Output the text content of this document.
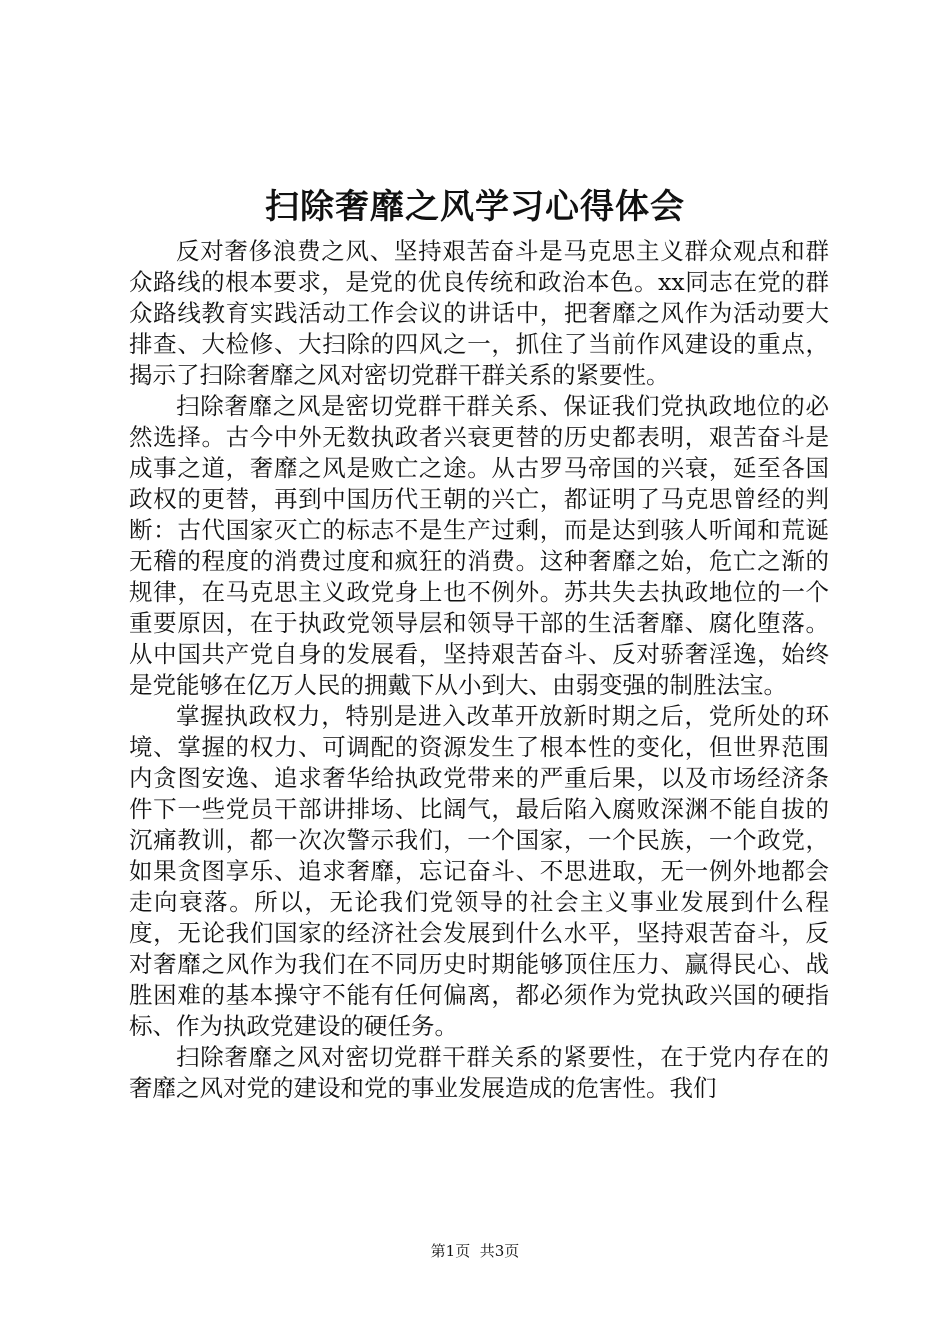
扫除奢靡之风学习心得体会

反对奢侈浪费之风、坚持艰苦奋斗是马克思主义群众观点和群众路线的根本要求，是党的优良传统和政治本色。xx同志在党的群众路线教育实践活动工作会议的讲话中，把奢靡之风作为活动要大排查、大检修、大扫除的四风之一，抓住了当前作风建设的重点，揭示了扫除奢靡之风对密切党群干群关系的紧要性。

扫除奢靡之风是密切党群干群关系、保证我们党执政地位的必然选择。古今中外无数执政者兴衰更替的历史都表明，艰苦奋斗是成事之道，奢靡之风是败亡之途。从古罗马帝国的兴衰，延至各国政权的更替，再到中国历代王朝的兴亡，都证明了马克思曾经的判断：古代国家灭亡的标志不是生产过剩，而是达到骇人听闻和荒诞无稽的程度的消费过度和疯狂的消费。这种奢靡之始，危亡之渐的规律，在马克思主义政党身上也不例外。苏共失去执政地位的一个重要原因，在于执政党领导层和领导干部的生活奢靡、腐化堕落。从中国共产党自身的发展看，坚持艰苦奋斗、反对骄奢淫逸，始终是党能够在亿万人民的拥戴下从小到大、由弱变强的制胜法宝。

掌握执政权力，特别是进入改革开放新时期之后，党所处的环境、掌握的权力、可调配的资源发生了根本性的变化，但世界范围内贪图安逸、追求奢华给执政党带来的严重后果，以及市场经济条件下一些党员干部讲排场、比阔气，最后陷入腐败深渊不能自拔的沉痛教训，都一次次警示我们，一个国家，一个民族，一个政党，如果贪图享乐、追求奢靡，忘记奋斗、不思进取，无一例外地都会走向衰落。所以，无论我们党领导的社会主义事业发展到什么程度，无论我们国家的经济社会发展到什么水平，坚持艰苦奋斗，反对奢靡之风作为我们在不同历史时期能够顶住压力、赢得民心、战胜困难的基本操守不能有任何偏离，都必须作为党执政兴国的硬指标、作为执政党建设的硬任务。

扫除奢靡之风对密切党群干群关系的紧要性，在于党内存在的奢靡之风对党的建设和党的事业发展造成的危害性。我们

第1页 共3页
